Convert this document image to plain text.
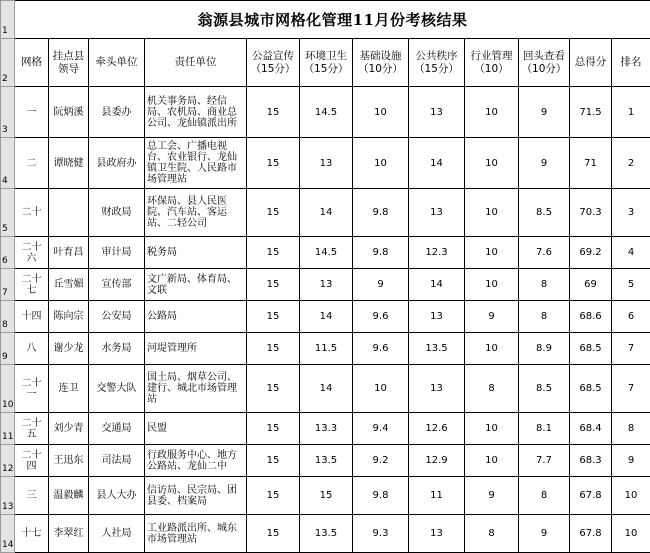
1	翁源县城市网格化管理11月份考核结果											
2	网格	挂点县领导	牵头单位	责任单位	公益宣传（15分）	环境卫生（15分）	基础设施（10分）	公共秩序（15分）	行业管理（10）	回头查看（10分）	总得分	排名
3	一	阮炳溪	县委办	机关事务局、经信局、农机局、商业总公司、龙仙镇派出所	15	14.5	10	13	10	9	71.5	1
4	二	谭晓健	县政府办	总工会、广播电视台、农业银行、龙仙镇卫生院、人民路市场管理站	15	13	10	14	10	9	71	2
5	二十		财政局	环保局、县人民医院、汽车站、客运站、二轻公司	15	14	9.8	13	10	8.5	70.3	3
6	二十六	叶育昌	审计局	税务局	15	14.5	9.8	12.3	10	7.6	69.2	4
7	二十七	丘雪媚	宣传部	文广新局、体育局、文联	15	13	9	14	10	8	69	5
8	十四	陈向宗	公安局	公路局	15	14	9.6	13	9	8	68.6	6
9	八	谢少龙	水务局	河堤管理所	15	11.5	9.6	13.5	10	8.9	68.5	7
10	二十一	连卫	交警大队	国土局、烟草公司、建行、城北市场管理站	15	14	10	13	8	8.5	68.5	7
11	二十五	刘少青	交通局	民盟	15	13.3	9.4	12.6	10	8.1	68.4	8
12	二十四	王迅东	司法局	行政服务中心、地方公路站、龙仙二中	15	13.5	9.2	12.9	10	7.7	68.3	9
13	三	温毅麟	县人大办	信访局、民宗局、团县委、档案局	15	15	9.8	11	9	8	67.8	10
14	十七	李翠红	人社局	工业路派出所、城东市场管理站	15	13.5	9.3	13	8	9	67.8	10
